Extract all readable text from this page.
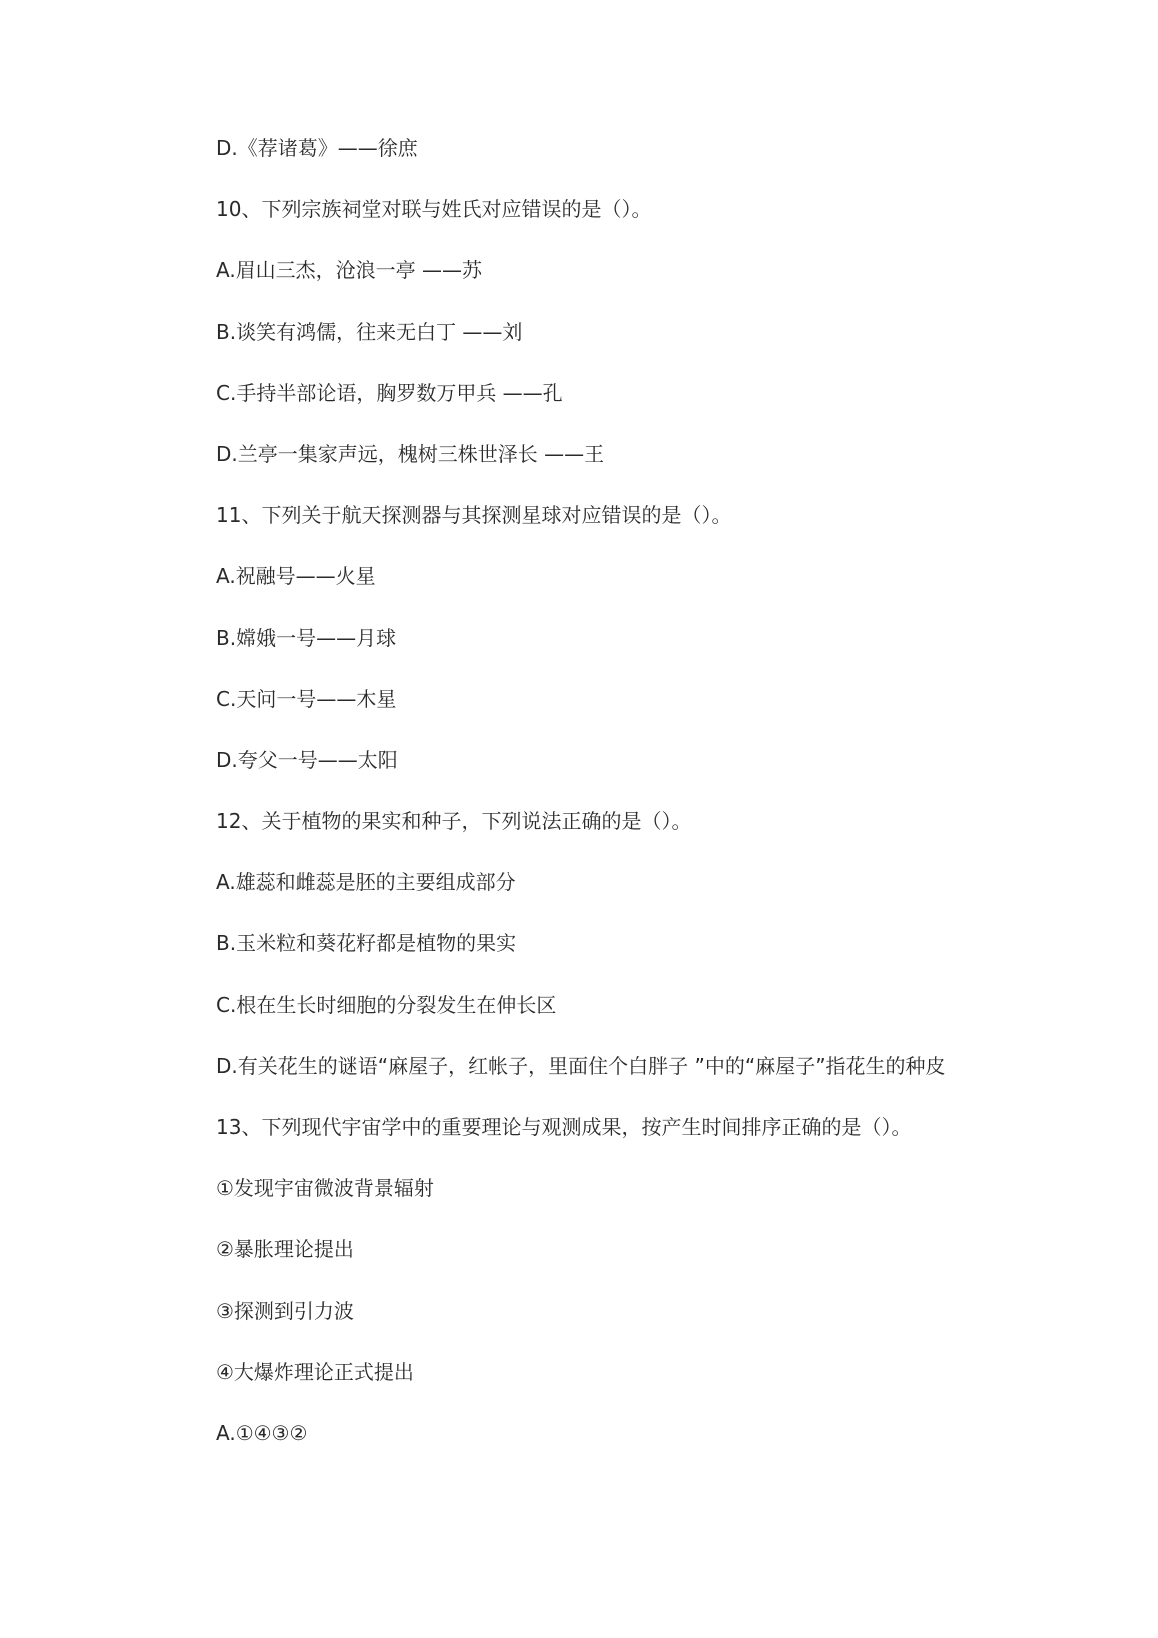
D.《荐诸葛》——徐庶
10、下列宗族祠堂对联与姓氏对应错误的是（）。
A.眉山三杰，沧浪一亭 ——苏
B.谈笑有鸿儒，往来无白丁 ——刘
C.手持半部论语，胸罗数万甲兵 ——孔
D.兰亭一集家声远，槐树三株世泽长 ——王
11、下列关于航天探测器与其探测星球对应错误的是（）。
A.祝融号——火星
B.嫦娥一号——月球
C.天问一号——木星
D.夸父一号——太阳
12、关于植物的果实和种子，下列说法正确的是（）。
A.雄蕊和雌蕊是胚的主要组成部分
B.玉米粒和葵花籽都是植物的果实
C.根在生长时细胞的分裂发生在伸长区
D.有关花生的谜语“麻屋子，红帐子，里面住个白胖子 ”中的“麻屋子”指花生的种皮
13、下列现代宇宙学中的重要理论与观测成果，按产生时间排序正确的是（）。
①发现宇宙微波背景辐射
②暴胀理论提出
③探测到引力波
④大爆炸理论正式提出
A.①④③②
